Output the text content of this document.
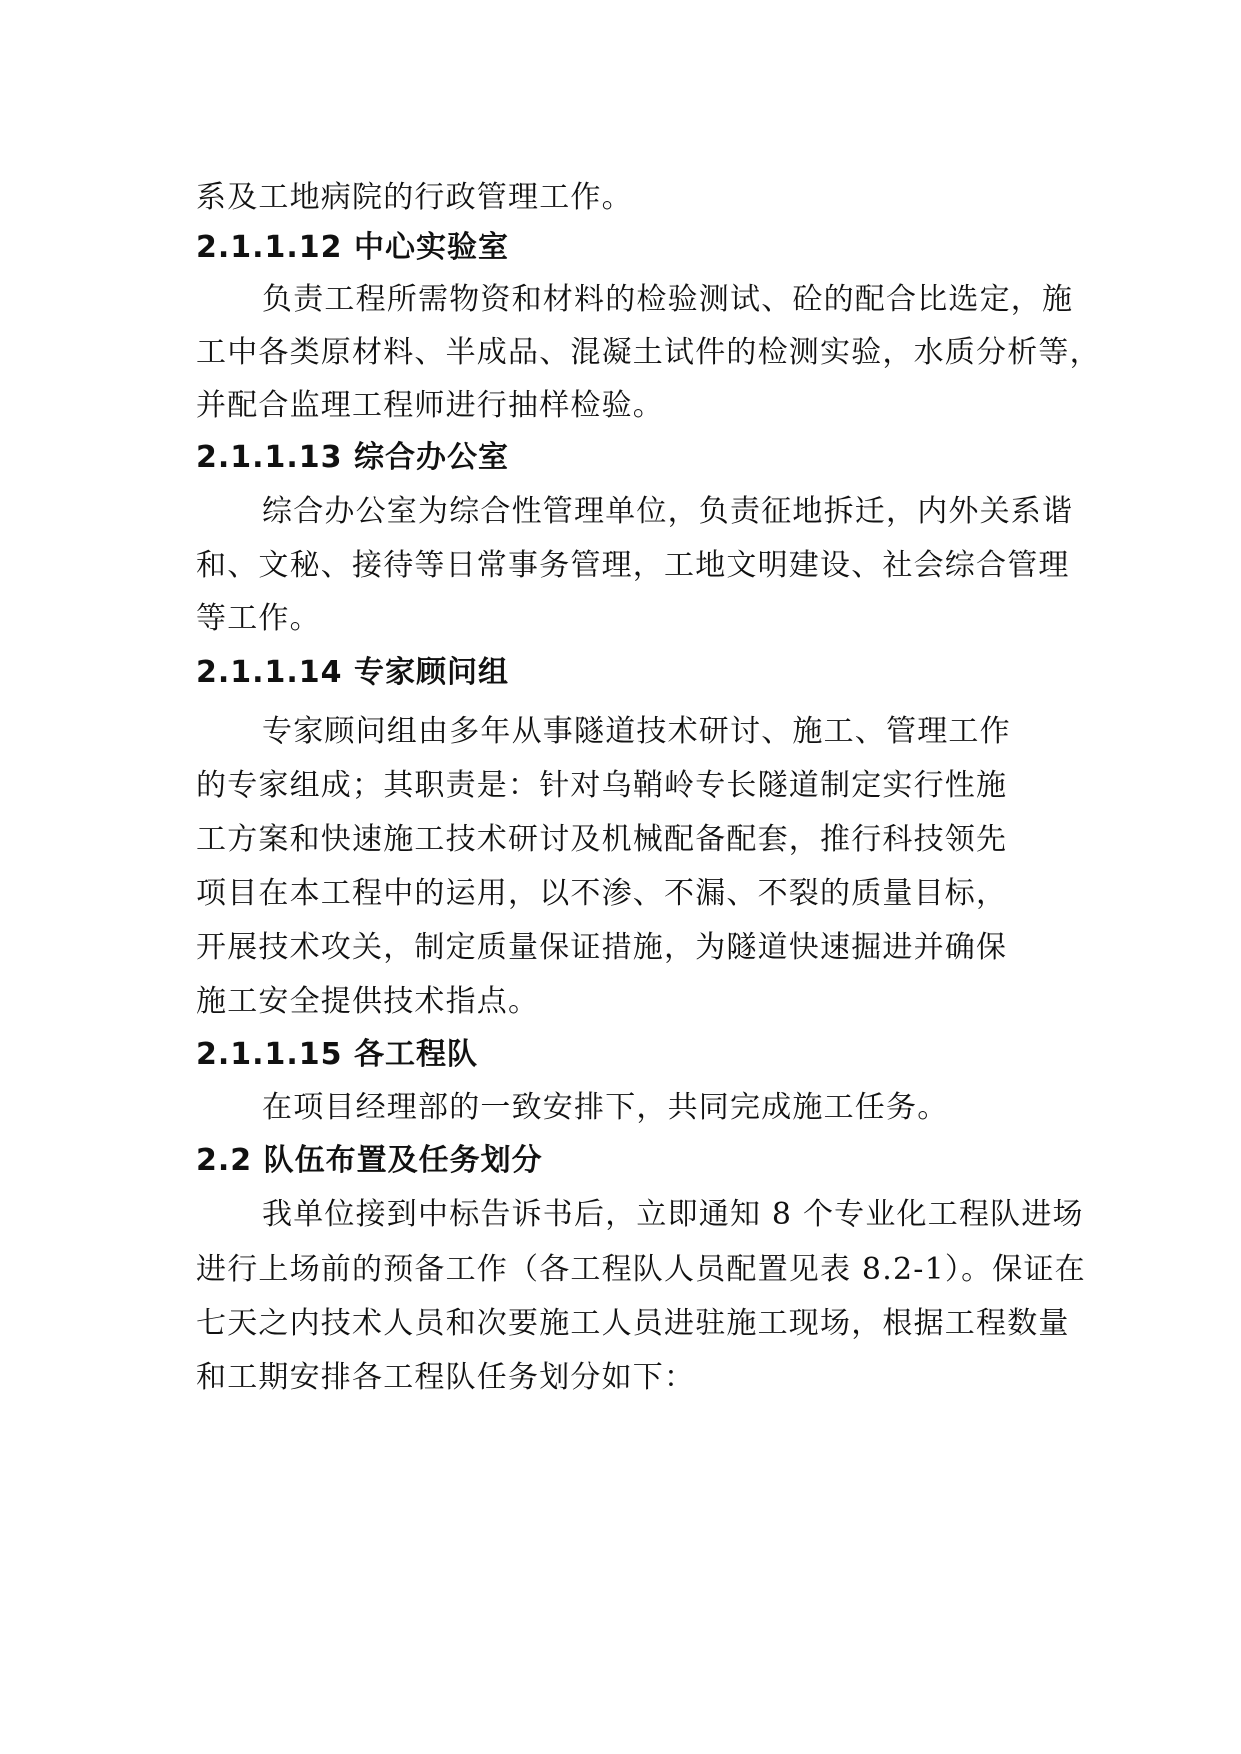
系及工地病院的行政管理工作。
2.1.1.12 中心实验室
负责工程所需物资和材料的检验测试、砼的配合比选定，施
工中各类原材料、半成品、混凝土试件的检测实验，水质分析等，
并配合监理工程师进行抽样检验。
2.1.1.13 综合办公室
综合办公室为综合性管理单位，负责征地拆迁，内外关系谐
和、文秘、接待等日常事务管理，工地文明建设、社会综合管理
等工作。
2.1.1.14 专家顾问组
专家顾问组由多年从事隧道技术研讨、施工、管理工作
的专家组成；其职责是：针对乌鞘岭专长隧道制定实行性施
工方案和快速施工技术研讨及机械配备配套，推行科技领先
项目在本工程中的运用，以不渗、不漏、不裂的质量目标，
开展技术攻关，制定质量保证措施，为隧道快速掘进并确保
施工安全提供技术指点。
2.1.1.15 各工程队
在项目经理部的一致安排下，共同完成施工任务。
2.2 队伍布置及任务划分
我单位接到中标告诉书后，立即通知 8 个专业化工程队进场
进行上场前的预备工作（各工程队人员配置见表 8.2-1）。保证在
七天之内技术人员和次要施工人员进驻施工现场，根据工程数量
和工期安排各工程队任务划分如下：
